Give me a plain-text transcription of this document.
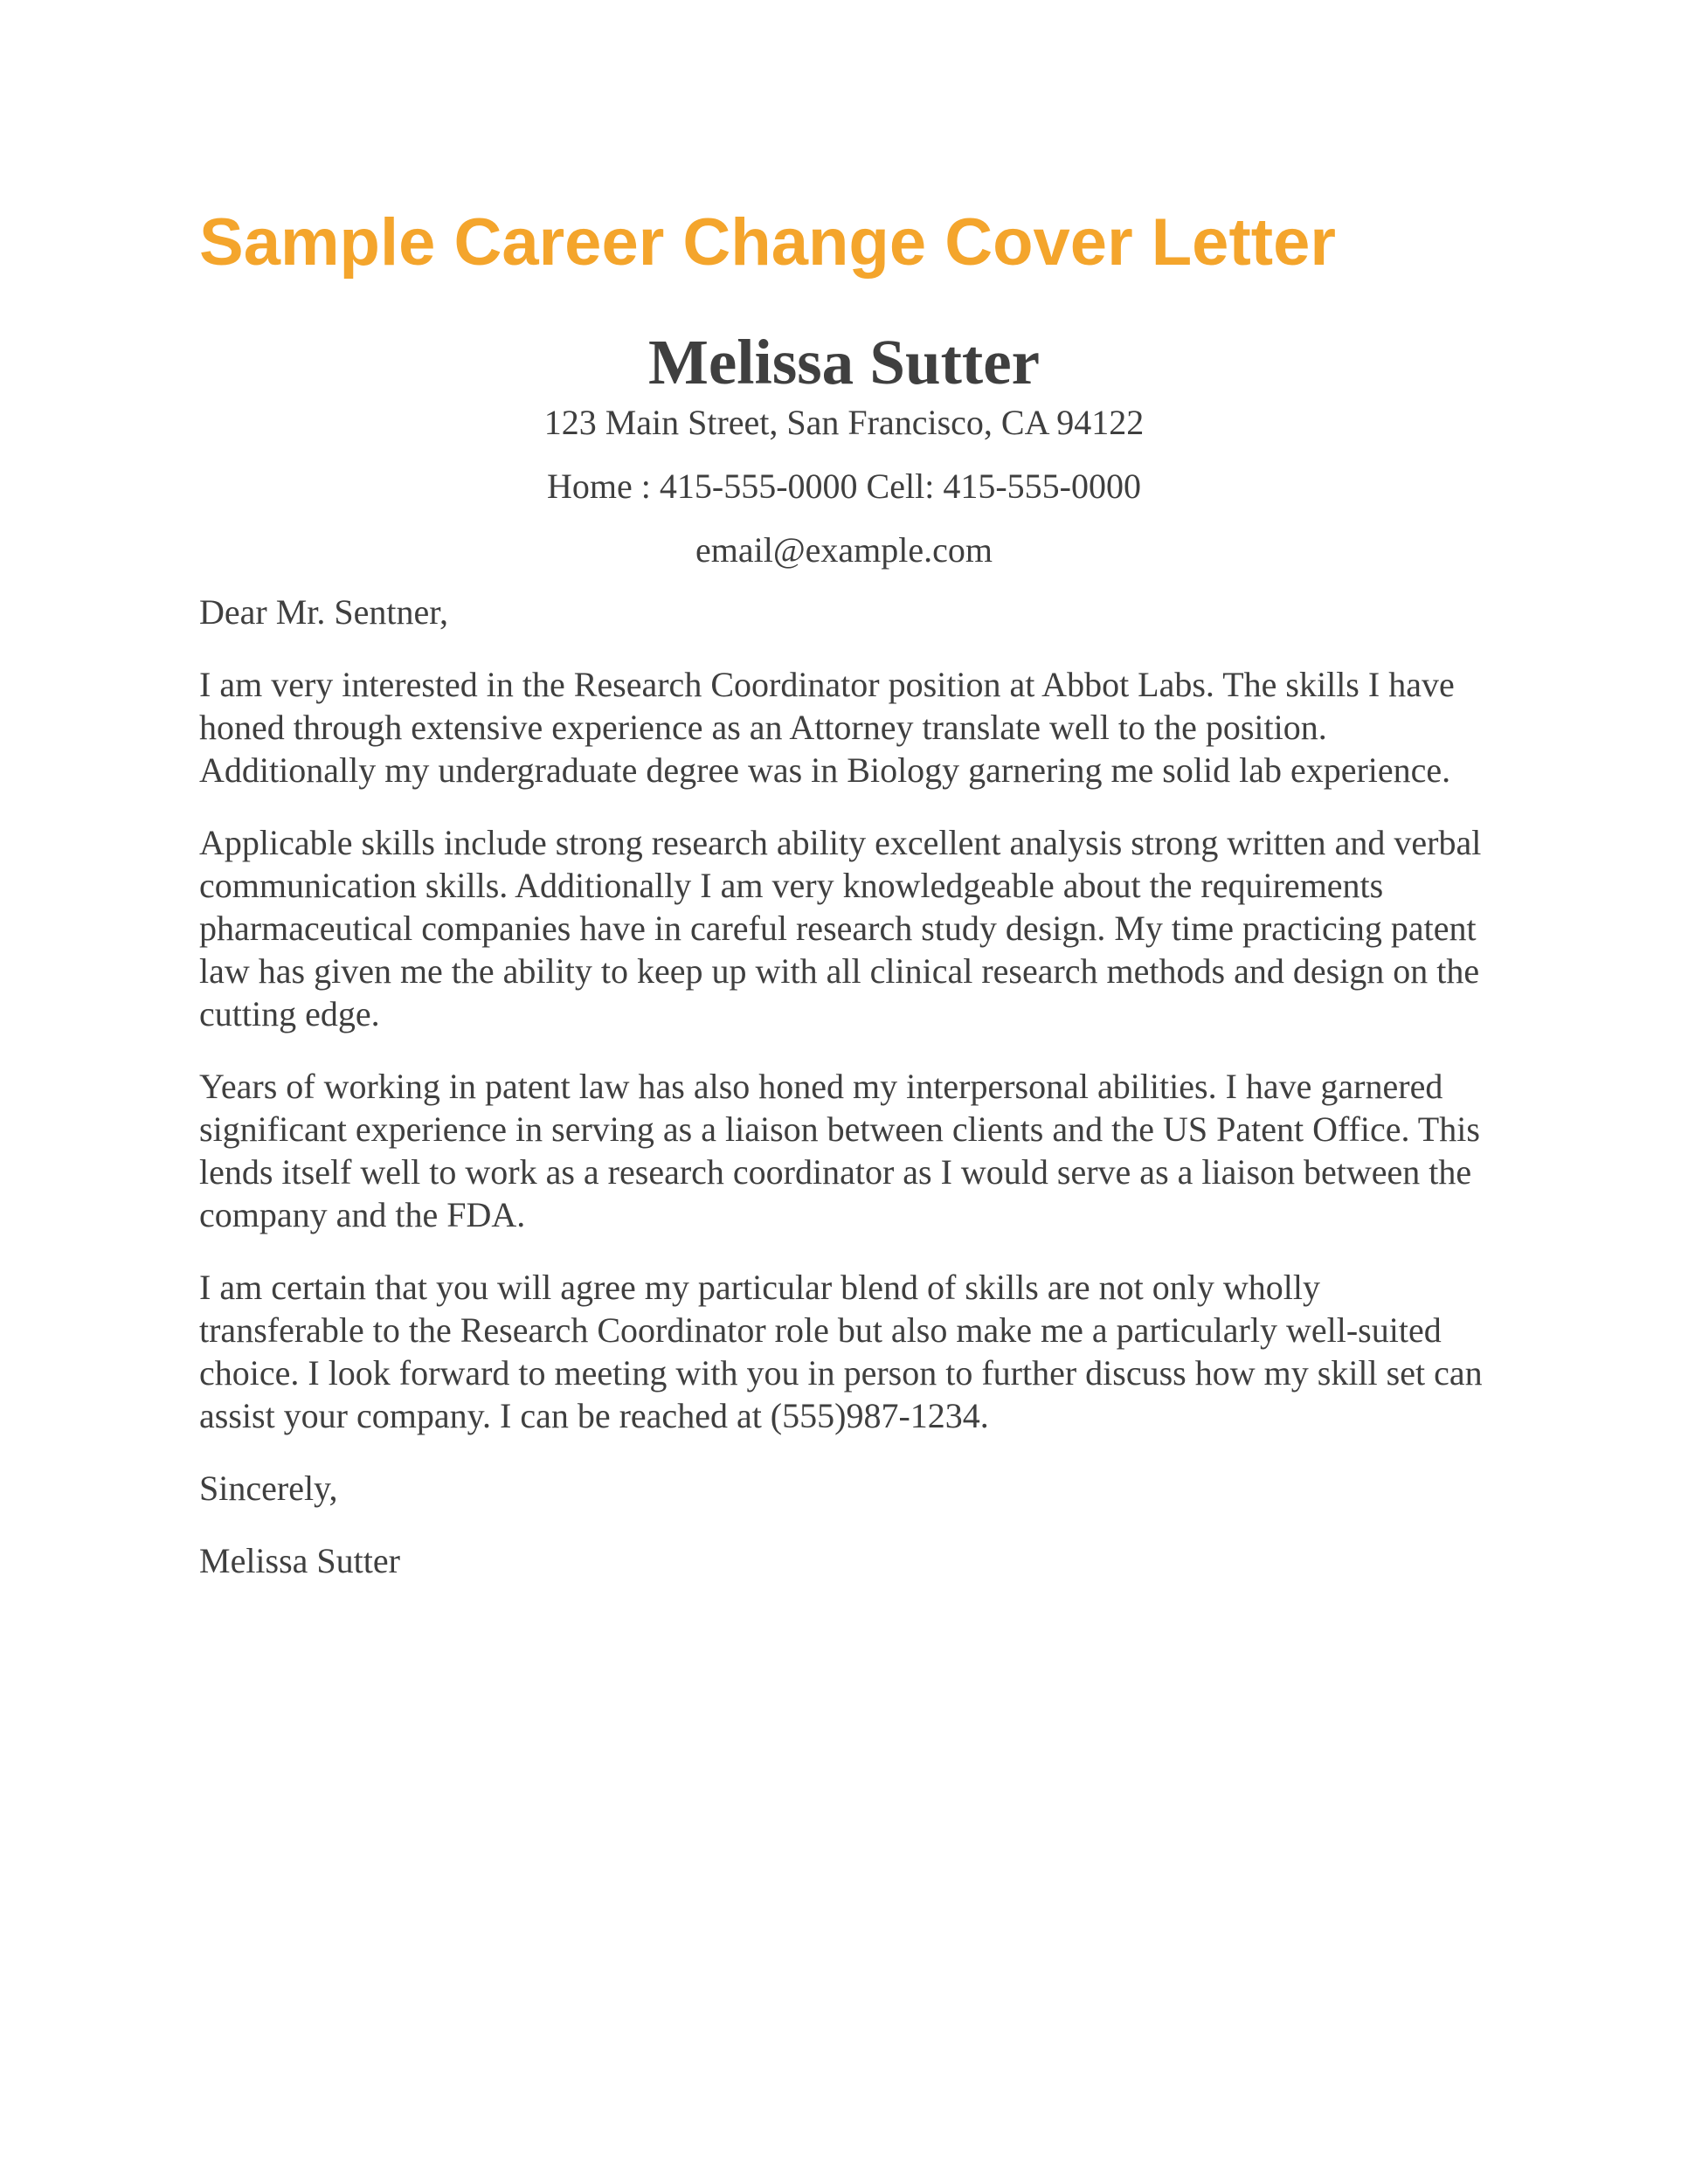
Sample Career Change Cover Letter
Melissa Sutter
123 Main Street, San Francisco, CA 94122
Home : 415-555-0000 Cell: 415-555-0000
email@example.com

Dear Mr. Sentner,

I am very interested in the Research Coordinator position at Abbot Labs. The skills I have honed through extensive experience as an Attorney translate well to the position. Additionally my undergraduate degree was in Biology garnering me solid lab experience.

Applicable skills include strong research ability excellent analysis strong written and verbal communication skills. Additionally I am very knowledgeable about the requirements pharmaceutical companies have in careful research study design. My time practicing patent law has given me the ability to keep up with all clinical research methods and design on the cutting edge.

Years of working in patent law has also honed my interpersonal abilities. I have garnered significant experience in serving as a liaison between clients and the US Patent Office. This lends itself well to work as a research coordinator as I would serve as a liaison between the company and the FDA.

I am certain that you will agree my particular blend of skills are not only wholly transferable to the Research Coordinator role but also make me a particularly well-suited choice. I look forward to meeting with you in person to further discuss how my skill set can assist your company. I can be reached at (555)987-1234.

Sincerely,

Melissa Sutter
